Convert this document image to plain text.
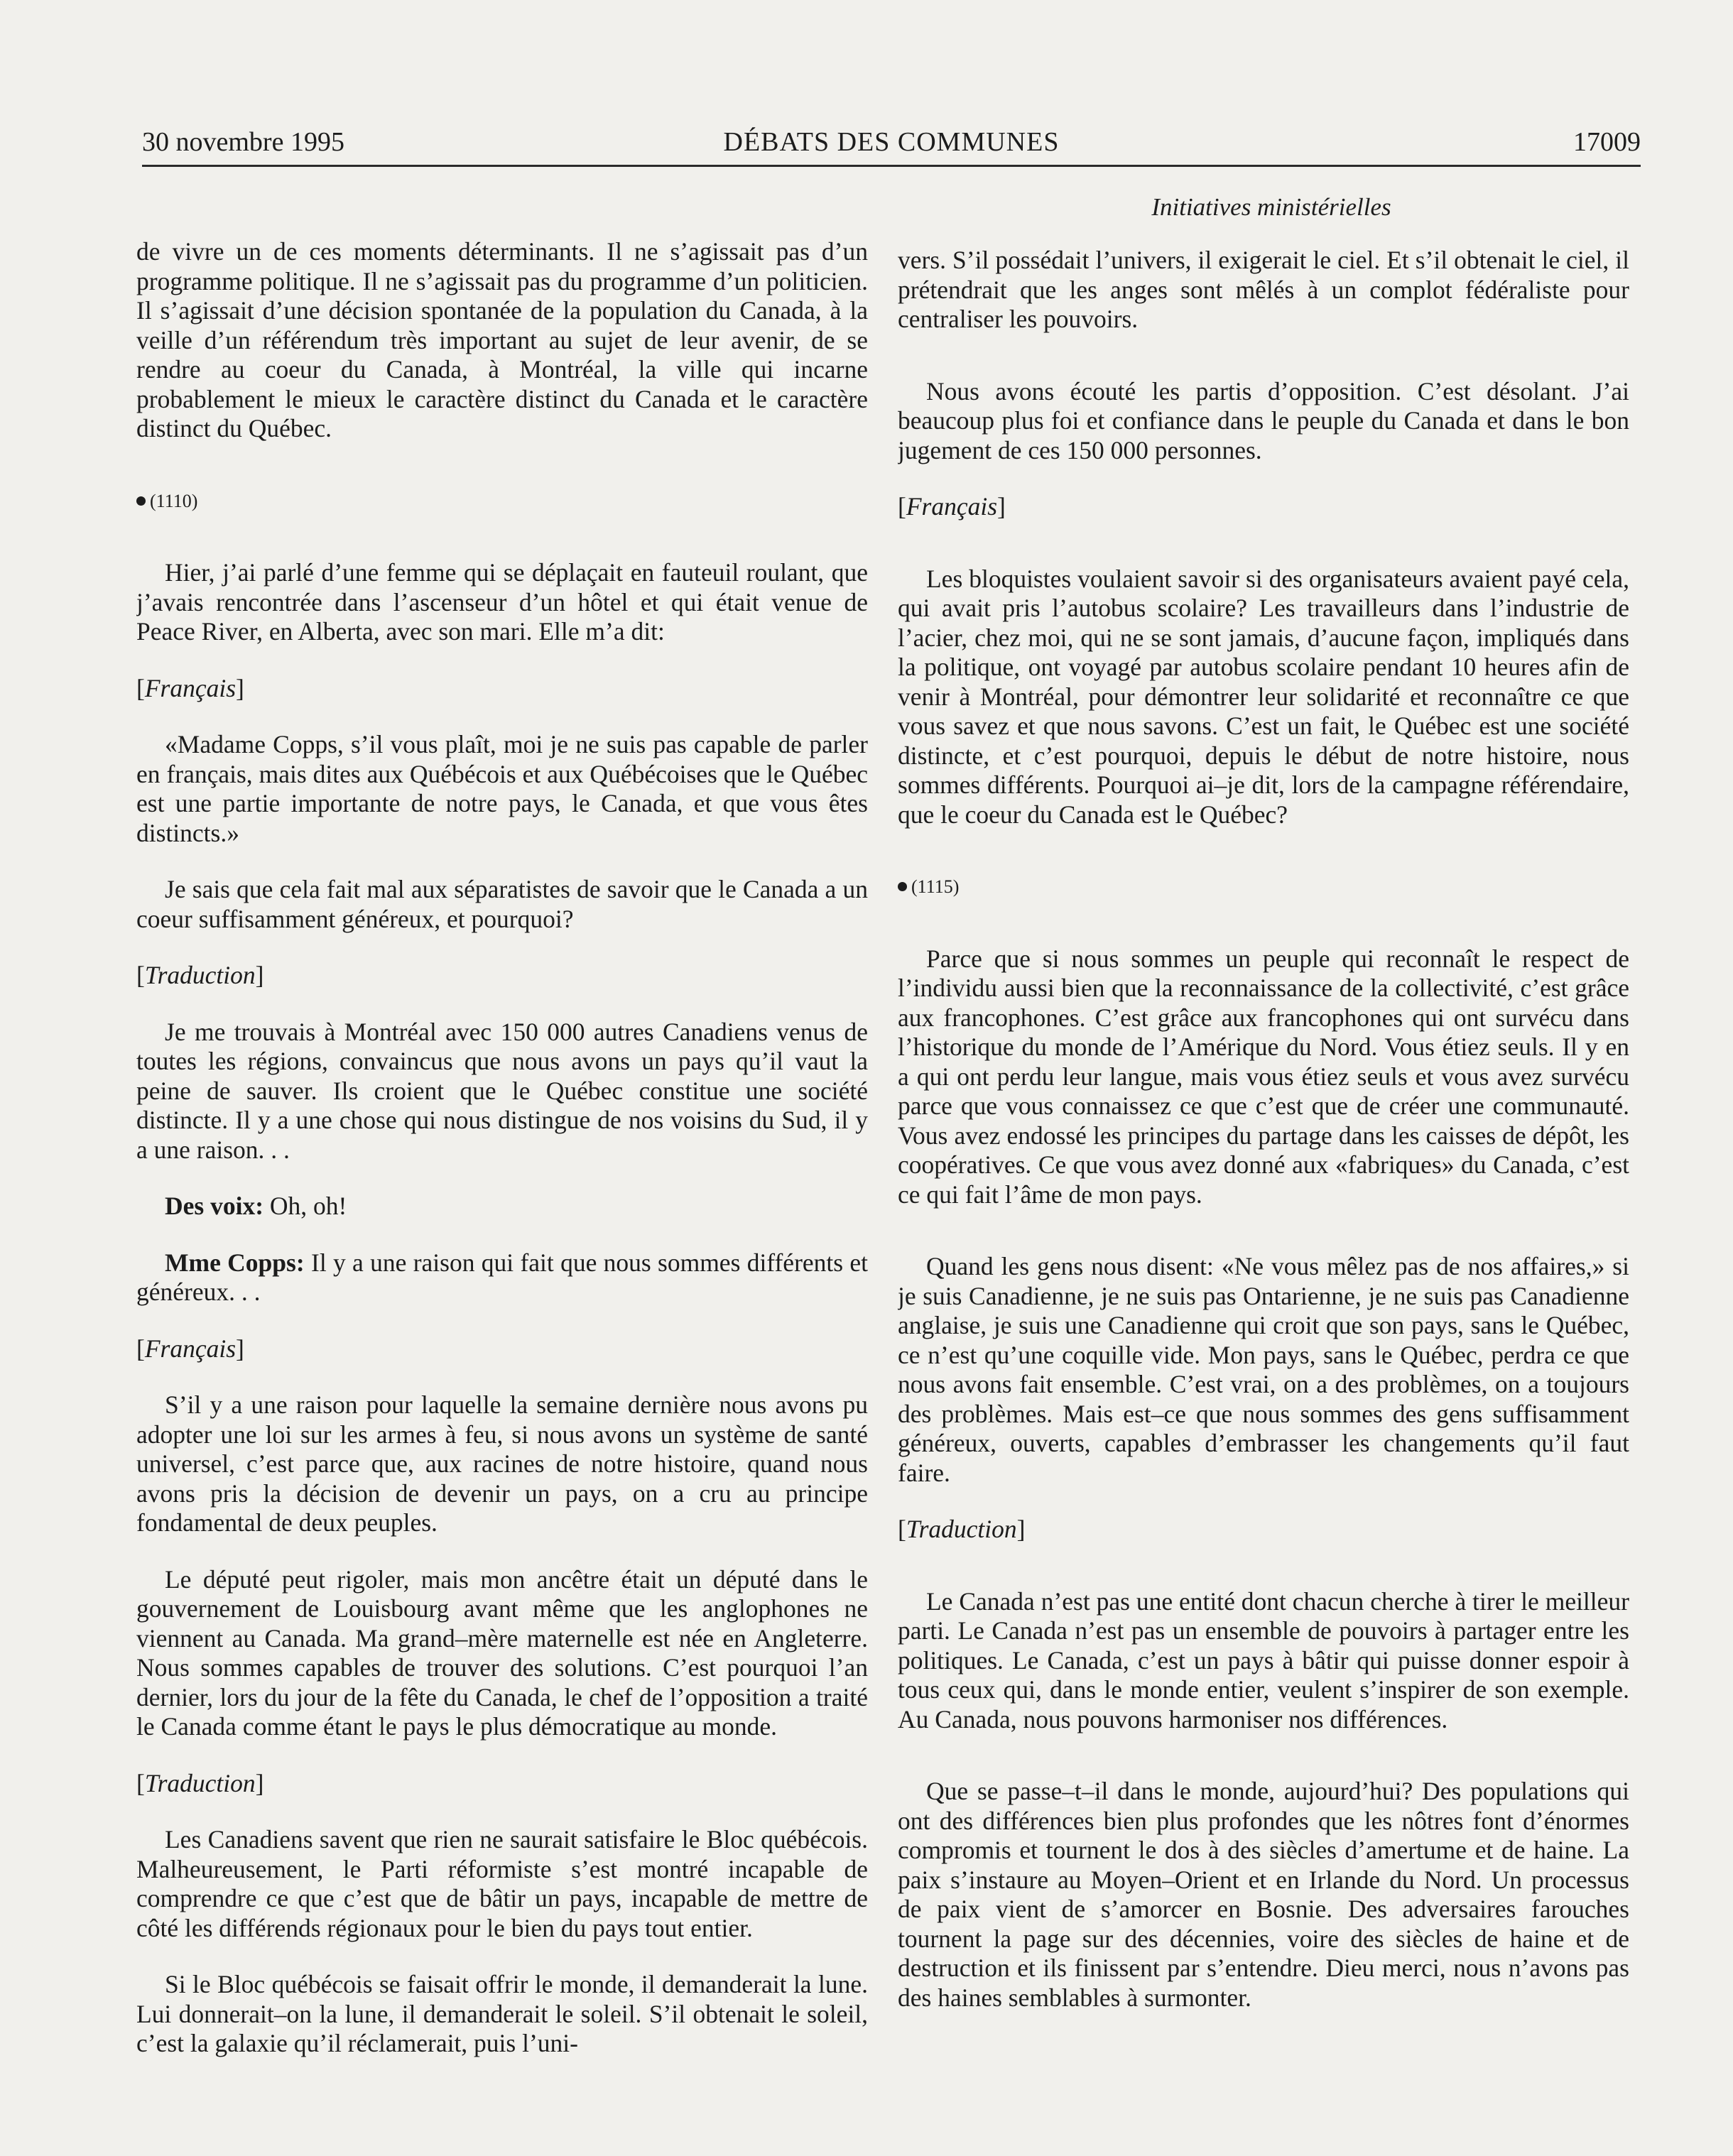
30 novembre 1995	DÉBATS DES COMMUNES	17009
Initiatives ministérielles

de vivre un de ces moments déterminants. Il ne s’agissait pas d’un programme politique. Il ne s’agissait pas du programme d’un politicien. Il s’agissait d’une décision spontanée de la population du Canada, à la veille d’un référendum très important au sujet de leur avenir, de se rendre au coeur du Canada, à Montréal, la ville qui incarne probablement le mieux le caractère distinct du Canada et le caractère distinct du Québec.

(1110)

Hier, j’ai parlé d’une femme qui se déplaçait en fauteuil roulant, que j’avais rencontrée dans l’ascenseur d’un hôtel et qui était venue de Peace River, en Alberta, avec son mari. Elle m’a dit:

[Français]

«Madame Copps, s’il vous plaît, moi je ne suis pas capable de parler en français, mais dites aux Québécois et aux Québécoises que le Québec est une partie importante de notre pays, le Canada, et que vous êtes distincts.»

Je sais que cela fait mal aux séparatistes de savoir que le Canada a un coeur suffisamment généreux, et pourquoi?

[Traduction]

Je me trouvais à Montréal avec 150 000 autres Canadiens venus de toutes les régions, convaincus que nous avons un pays qu’il vaut la peine de sauver. Ils croient que le Québec constitue une société distincte. Il y a une chose qui nous distingue de nos voisins du Sud, il y a une raison. . .

Des voix: Oh, oh!

Mme Copps: Il y a une raison qui fait que nous sommes différents et généreux. . .

[Français]

S’il y a une raison pour laquelle la semaine dernière nous avons pu adopter une loi sur les armes à feu, si nous avons un système de santé universel, c’est parce que, aux racines de notre histoire, quand nous avons pris la décision de devenir un pays, on a cru au principe fondamental de deux peuples.

Le député peut rigoler, mais mon ancêtre était un député dans le gouvernement de Louisbourg avant même que les anglophones ne viennent au Canada. Ma grand–mère maternelle est née en Angleterre. Nous sommes capables de trouver des solutions. C’est pourquoi l’an dernier, lors du jour de la fête du Canada, le chef de l’opposition a traité le Canada comme étant le pays le plus démocratique au monde.

[Traduction]

Les Canadiens savent que rien ne saurait satisfaire le Bloc québécois. Malheureusement, le Parti réformiste s’est montré incapable de comprendre ce que c’est que de bâtir un pays, incapable de mettre de côté les différends régionaux pour le bien du pays tout entier.

Si le Bloc québécois se faisait offrir le monde, il demanderait la lune. Lui donnerait–on la lune, il demanderait le soleil. S’il obtenait le soleil, c’est la galaxie qu’il réclamerait, puis l’uni-

vers. S’il possédait l’univers, il exigerait le ciel. Et s’il obtenait le ciel, il prétendrait que les anges sont mêlés à un complot fédéraliste pour centraliser les pouvoirs.

Nous avons écouté les partis d’opposition. C’est désolant. J’ai beaucoup plus foi et confiance dans le peuple du Canada et dans le bon jugement de ces 150 000 personnes.

[Français]

Les bloquistes voulaient savoir si des organisateurs avaient payé cela, qui avait pris l’autobus scolaire? Les travailleurs dans l’industrie de l’acier, chez moi, qui ne se sont jamais, d’aucune façon, impliqués dans la politique, ont voyagé par autobus scolaire pendant 10 heures afin de venir à Montréal, pour démontrer leur solidarité et reconnaître ce que vous savez et que nous savons. C’est un fait, le Québec est une société distincte, et c’est pourquoi, depuis le début de notre histoire, nous sommes différents. Pourquoi ai–je dit, lors de la campagne référendaire, que le coeur du Canada est le Québec?

(1115)

Parce que si nous sommes un peuple qui reconnaît le respect de l’individu aussi bien que la reconnaissance de la collectivité, c’est grâce aux francophones. C’est grâce aux francophones qui ont survécu dans l’historique du monde de l’Amérique du Nord. Vous étiez seuls. Il y en a qui ont perdu leur langue, mais vous étiez seuls et vous avez survécu parce que vous connaissez ce que c’est que de créer une communauté. Vous avez endossé les principes du partage dans les caisses de dépôt, les coopératives. Ce que vous avez donné aux «fabriques» du Canada, c’est ce qui fait l’âme de mon pays.

Quand les gens nous disent: «Ne vous mêlez pas de nos affaires,» si je suis Canadienne, je ne suis pas Ontarienne, je ne suis pas Canadienne anglaise, je suis une Canadienne qui croit que son pays, sans le Québec, ce n’est qu’une coquille vide. Mon pays, sans le Québec, perdra ce que nous avons fait ensemble. C’est vrai, on a des problèmes, on a toujours des problèmes. Mais est–ce que nous sommes des gens suffisamment généreux, ouverts, capables d’embrasser les changements qu’il faut faire.

[Traduction]

Le Canada n’est pas une entité dont chacun cherche à tirer le meilleur parti. Le Canada n’est pas un ensemble de pouvoirs à partager entre les politiques. Le Canada, c’est un pays à bâtir qui puisse donner espoir à tous ceux qui, dans le monde entier, veulent s’inspirer de son exemple. Au Canada, nous pouvons harmoniser nos différences.

Que se passe–t–il dans le monde, aujourd’hui? Des populations qui ont des différences bien plus profondes que les nôtres font d’énormes compromis et tournent le dos à des siècles d’amertume et de haine. La paix s’instaure au Moyen–Orient et en Irlande du Nord. Un processus de paix vient de s’amorcer en Bosnie. Des adversaires farouches tournent la page sur des décennies, voire des siècles de haine et de destruction et ils finissent par s’entendre. Dieu merci, nous n’avons pas des haines semblables à surmonter.
